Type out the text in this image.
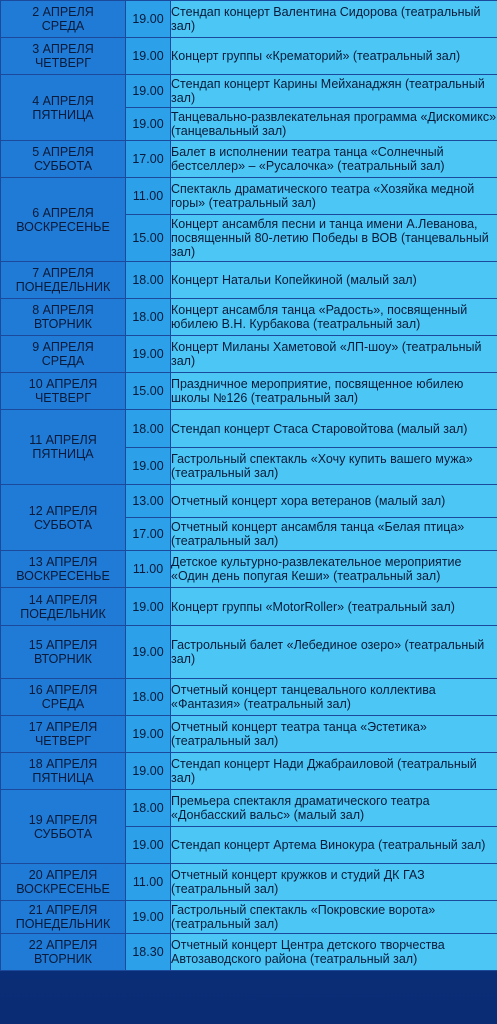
2 АПРЕЛЯ
СРЕДА	19.00	Стендап концерт Валентина Сидорова (театральный зал)

3 АПРЕЛЯ
ЧЕТВЕРГ	19.00	Концерт группы «Крематорий» (театральный зал)

4 АПРЕЛЯ
ПЯТНИЦА	19.00	Стендап концерт Карины Мейханаджян (театральный зал)
	19.00	Танцевально-развлекательная программа «Дискомикс» (танцевальный зал)

5 АПРЕЛЯ
СУББОТА	17.00	Балет в исполнении театра танца «Солнечный бестселлер» – «Русалочка» (театральный зал)

6 АПРЕЛЯ
ВОСКРЕСЕНЬЕ	11.00	Спектакль драматического театра «Хозяйка медной горы» (театральный зал)
	15.00	Концерт ансамбля песни и танца имени А.Леванова, посвященный 80-летию Победы в ВОВ (танцевальный зал)

7 АПРЕЛЯ
ПОНЕДЕЛЬНИК	18.00	Концерт Натальи Копейкиной (малый зал)

8 АПРЕЛЯ
ВТОРНИК	18.00	Концерт ансамбля танца «Радость», посвященный юбилею В.Н. Курбакова (театральный зал)

9 АПРЕЛЯ
СРЕДА	19.00	Концерт Миланы Хаметовой «ЛП-шоу» (театральный зал)

10 АПРЕЛЯ
ЧЕТВЕРГ	15.00	Праздничное мероприятие, посвященное юбилею школы №126 (театральный зал)

11 АПРЕЛЯ
ПЯТНИЦА	18.00	Стендап концерт Стаса Старовойтова (малый зал)
	19.00	Гастрольный спектакль «Хочу купить вашего мужа» (театральный зал)

12 АПРЕЛЯ
СУББОТА	13.00	Отчетный концерт хора ветеранов (малый зал)
	17.00	Отчетный концерт ансамбля танца «Белая птица» (театральный зал)

13 АПРЕЛЯ
ВОСКРЕСЕНЬЕ	11.00	Детское культурно-развлекательное мероприятие «Один день попугая Кеши» (театральный зал)

14 АПРЕЛЯ
ПОЕДЕЛЬНИК	19.00	Концерт группы «MotorRoller» (театральный зал)

15 АПРЕЛЯ
ВТОРНИК	19.00	Гастрольный балет «Лебединое озеро» (театральный зал)

16 АПРЕЛЯ
СРЕДА	18.00	Отчетный концерт танцевального коллектива «Фантазия» (театральный зал)

17 АПРЕЛЯ
ЧЕТВЕРГ	19.00	Отчетный концерт театра танца «Эстетика» (театральный зал)

18 АПРЕЛЯ
ПЯТНИЦА	19.00	Стендап концерт Нади Джабраиловой (театральный зал)

19 АПРЕЛЯ
СУББОТА	18.00	Премьера спектакля драматического театра «Донбасский вальс» (малый зал)
	19.00	Стендап концерт Артема Винокура (театральный зал)

20 АПРЕЛЯ
ВОСКРЕСЕНЬЕ	11.00	Отчетный концерт кружков и студий ДК ГАЗ (театральный зал)

21 АПРЕЛЯ
ПОНЕДЕЛЬНИК	19.00	Гастрольный спектакль «Покровские ворота» (театральный зал)

22 АПРЕЛЯ
ВТОРНИК	18.30	Отчетный концерт Центра детского творчества Автозаводского района (театральный зал)
